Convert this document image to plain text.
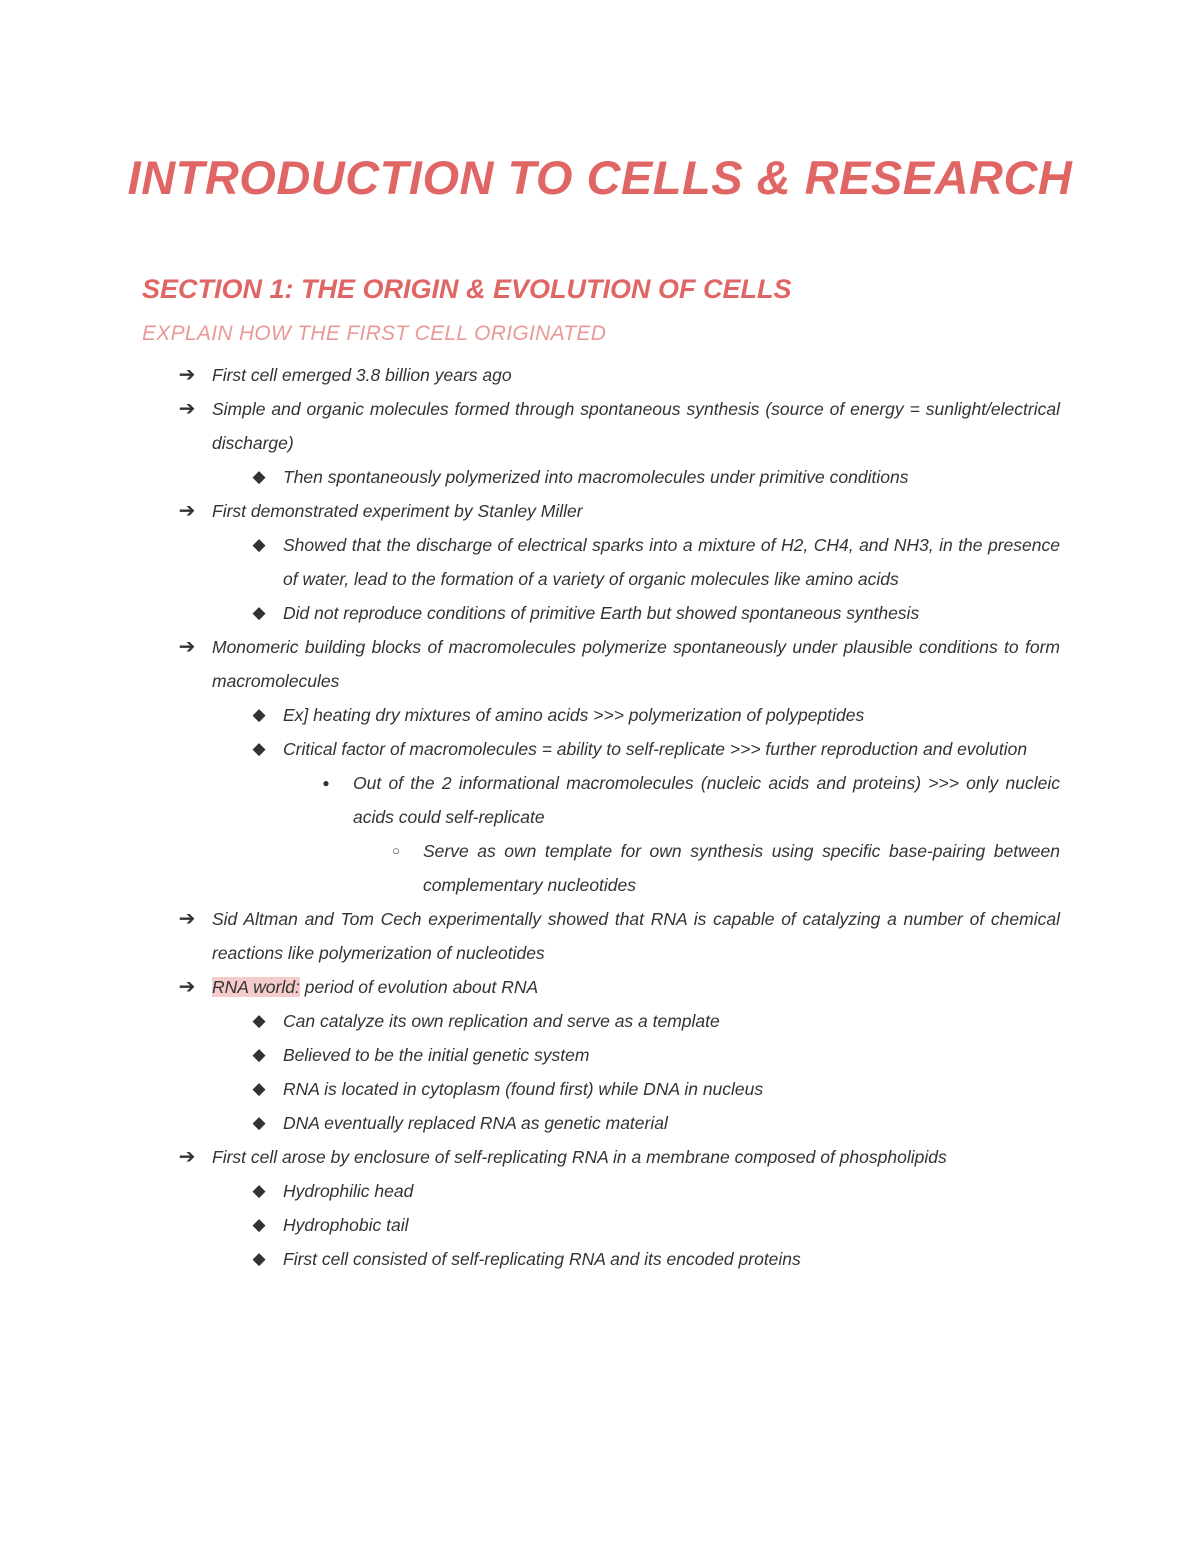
INTRODUCTION TO CELLS & RESEARCH
SECTION 1: THE ORIGIN & EVOLUTION OF CELLS
EXPLAIN HOW THE FIRST CELL ORIGINATED
➔ First cell emerged 3.8 billion years ago
➔ Simple and organic molecules formed through spontaneous synthesis (source of energy = sunlight/electrical discharge)
◆ Then spontaneously polymerized into macromolecules under primitive conditions
➔ First demonstrated experiment by Stanley Miller
◆ Showed that the discharge of electrical sparks into a mixture of H2, CH4, and NH3, in the presence of water, lead to the formation of a variety of organic molecules like amino acids
◆ Did not reproduce conditions of primitive Earth but showed spontaneous synthesis
➔ Monomeric building blocks of macromolecules polymerize spontaneously under plausible conditions to form macromolecules
◆ Ex] heating dry mixtures of amino acids >>> polymerization of polypeptides
◆ Critical factor of macromolecules = ability to self-replicate >>> further reproduction and evolution
●	Out of the 2 informational macromolecules (nucleic acids and proteins) >>> only nucleic acids could self-replicate
○	Serve as own template for own synthesis using specific base-pairing between complementary nucleotides
➔ Sid Altman and Tom Cech experimentally showed that RNA is capable of catalyzing a number of chemical reactions like polymerization of nucleotides
➔ RNA world: period of evolution about RNA
◆ Can catalyze its own replication and serve as a template
◆ Believed to be the initial genetic system
◆ RNA is located in cytoplasm (found first) while DNA in nucleus
◆ DNA eventually replaced RNA as genetic material
➔ First cell arose by enclosure of self-replicating RNA in a membrane composed of phospholipids
◆ Hydrophilic head
◆ Hydrophobic tail
◆ First cell consisted of self-replicating RNA and its encoded proteins
